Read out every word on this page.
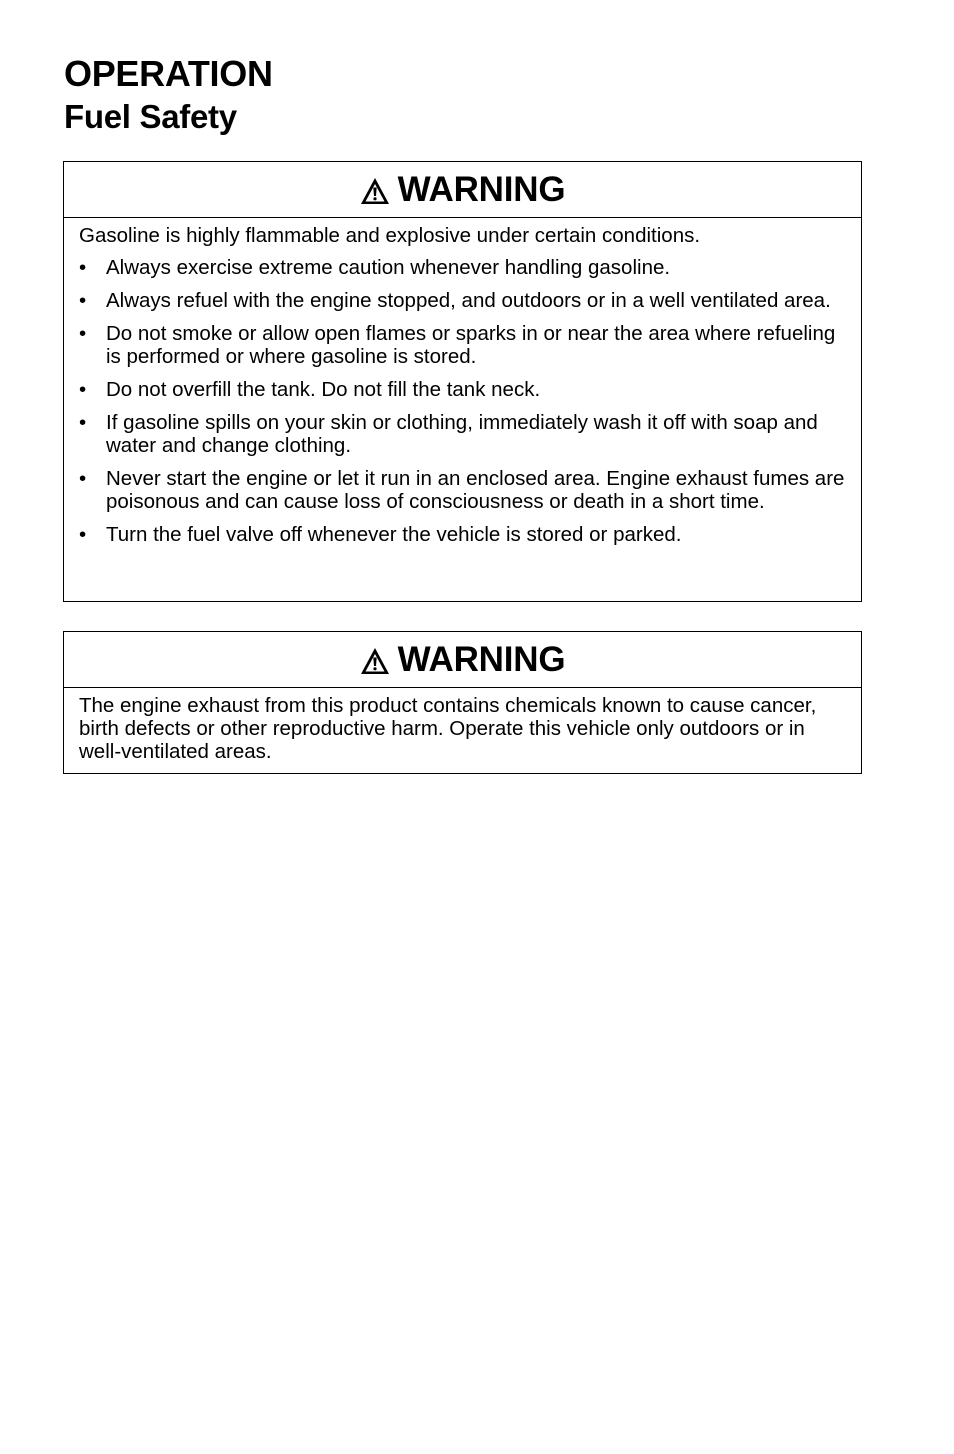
OPERATION
Fuel Safety
WARNING

Gasoline is highly flammable and explosive under certain conditions.

• Always exercise extreme caution whenever handling gasoline.
• Always refuel with the engine stopped, and outdoors or in a well ventilated area.
• Do not smoke or allow open flames or sparks in or near the area where refueling is performed or where gasoline is stored.
• Do not overfill the tank. Do not fill the tank neck.
• If gasoline spills on your skin or clothing, immediately wash it off with soap and water and change clothing.
• Never start the engine or let it run in an enclosed area. Engine exhaust fumes are poisonous and can cause loss of consciousness or death in a short time.
• Turn the fuel valve off whenever the vehicle is stored or parked.
WARNING

The engine exhaust from this product contains chemicals known to cause cancer, birth defects or other reproductive harm. Operate this vehicle only outdoors or in well-ventilated areas.
